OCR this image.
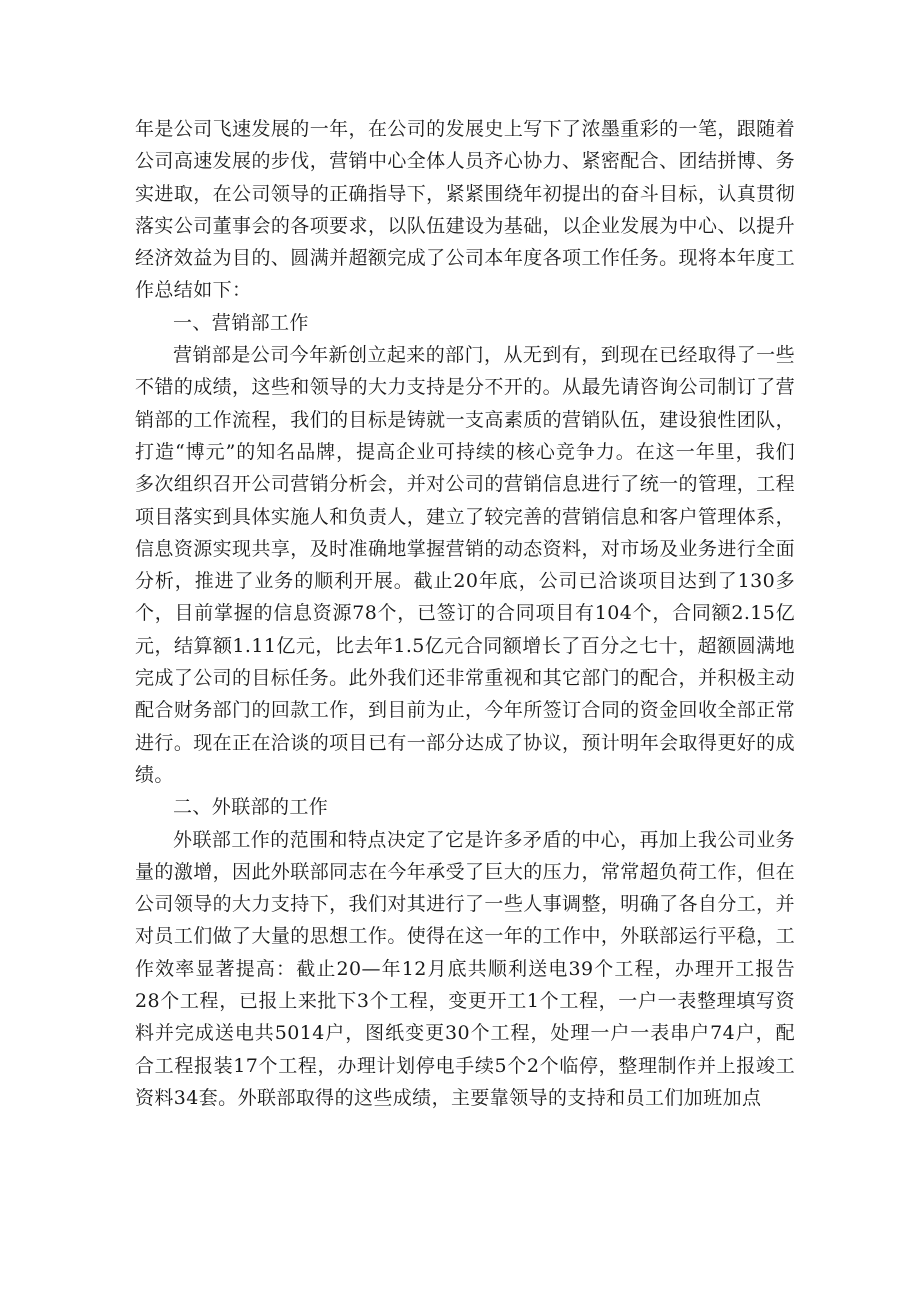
年是公司飞速发展的一年，在公司的发展史上写下了浓墨重彩的一笔，跟随着公司高速发展的步伐，营销中心全体人员齐心协力、紧密配合、团结拼博、务实进取，在公司领导的正确指导下，紧紧围绕年初提出的奋斗目标，认真贯彻落实公司董事会的各项要求，以队伍建设为基础，以企业发展为中心、以提升经济效益为目的、圆满并超额完成了公司本年度各项工作任务。现将本年度工作总结如下：

一、营销部工作

营销部是公司今年新创立起来的部门，从无到有，到现在已经取得了一些不错的成绩，这些和领导的大力支持是分不开的。从最先请咨询公司制订了营销部的工作流程，我们的目标是铸就一支高素质的营销队伍，建设狼性团队，打造“博元”的知名品牌，提高企业可持续的核心竞争力。在这一年里，我们多次组织召开公司营销分析会，并对公司的营销信息进行了统一的管理，工程项目落实到具体实施人和负责人，建立了较完善的营销信息和客户管理体系，信息资源实现共享，及时准确地掌握营销的动态资料，对市场及业务进行全面分析，推进了业务的顺利开展。截止20年底，公司已洽谈项目达到了130多个，目前掌握的信息资源78个，已签订的合同项目有104个，合同额2.15亿元，结算额1.11亿元，比去年1.5亿元合同额增长了百分之七十，超额圆满地完成了公司的目标任务。此外我们还非常重视和其它部门的配合，并积极主动配合财务部门的回款工作，到目前为止，今年所签订合同的资金回收全部正常进行。现在正在洽谈的项目已有一部分达成了协议，预计明年会取得更好的成绩。

二、外联部的工作

外联部工作的范围和特点决定了它是许多矛盾的中心，再加上我公司业务量的激增，因此外联部同志在今年承受了巨大的压力，常常超负荷工作，但在公司领导的大力支持下，我们对其进行了一些人事调整，明确了各自分工，并对员工们做了大量的思想工作。使得在这一年的工作中，外联部运行平稳，工作效率显著提高：截止20—年12月底共顺利送电39个工程，办理开工报告28个工程，已报上来批下3个工程，变更开工1个工程，一户一表整理填写资料并完成送电共5014户，图纸变更30个工程，处理一户一表串户74户，配合工程报装17个工程，办理计划停电手续5个2个临停，整理制作并上报竣工资料34套。外联部取得的这些成绩，主要靠领导的支持和员工们加班加点
